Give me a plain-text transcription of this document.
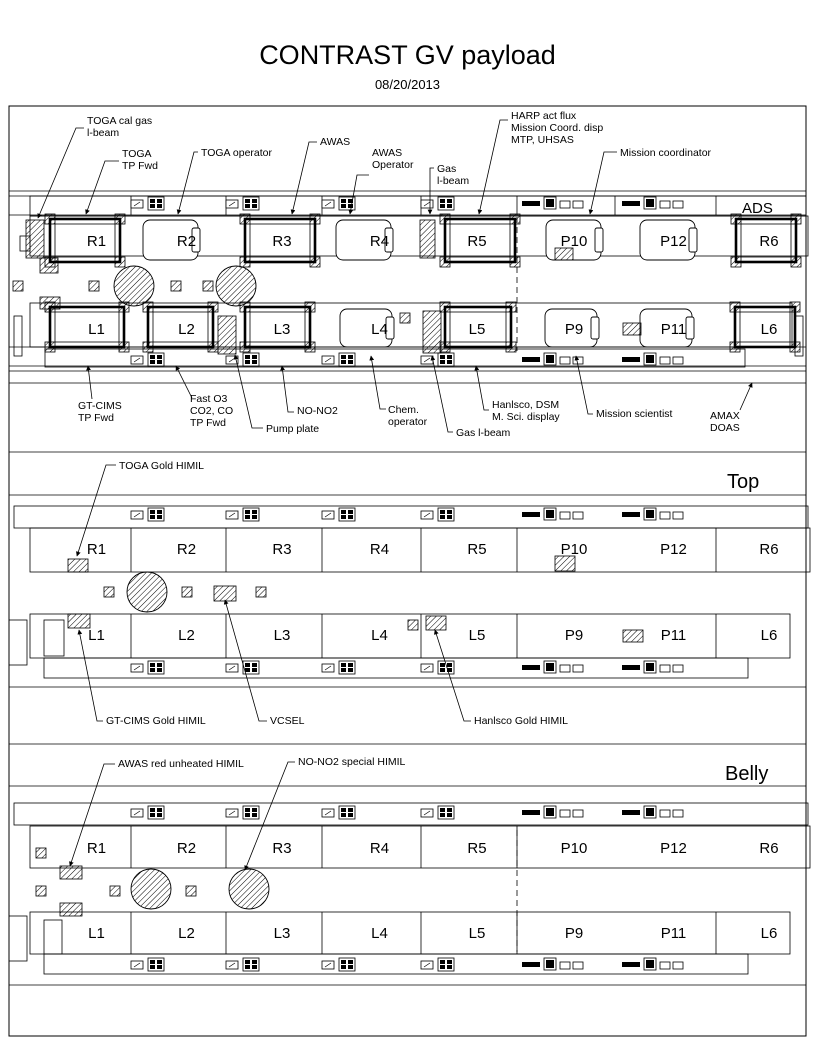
CONTRAST GV payload
08/20/2013
R1	R2	R3	R4	R5	P10	P12	R6
L1	L2	L3	L4	L5	P9	P11	L6
R1	R2	R3	R4	R5	P10	P12	R6
L1	L2	L3	L4	L5	P9	P11	L6
R1	R2	R3	R4	R5	P10	P12	R6
L1	L2	L3	L4	L5	P9	P11	L6
ADS
Top
Belly
TOGA cal gas l-beam
TOGA TP Fwd
TOGA operator
AWAS
AWAS Operator Gas l-beam
HARP act flux Mission Coord. disp MTP, UHSAS
Mission coordinator
GT-CIMS TP Fwd
Fast O3 CO2, CO TP Fwd	Pump plate
NO-NO2	Chem. operator
Gas l-beam
Hanlsco, DSM M. Sci. display	Mission scientist	AMAX DOAS
TOGA Gold HIMIL
GT-CIMS Gold HIMIL	VCSEL	Hanlsco Gold HIMIL
AWAS red unheated HIMIL	NO-NO2 special HIMIL
